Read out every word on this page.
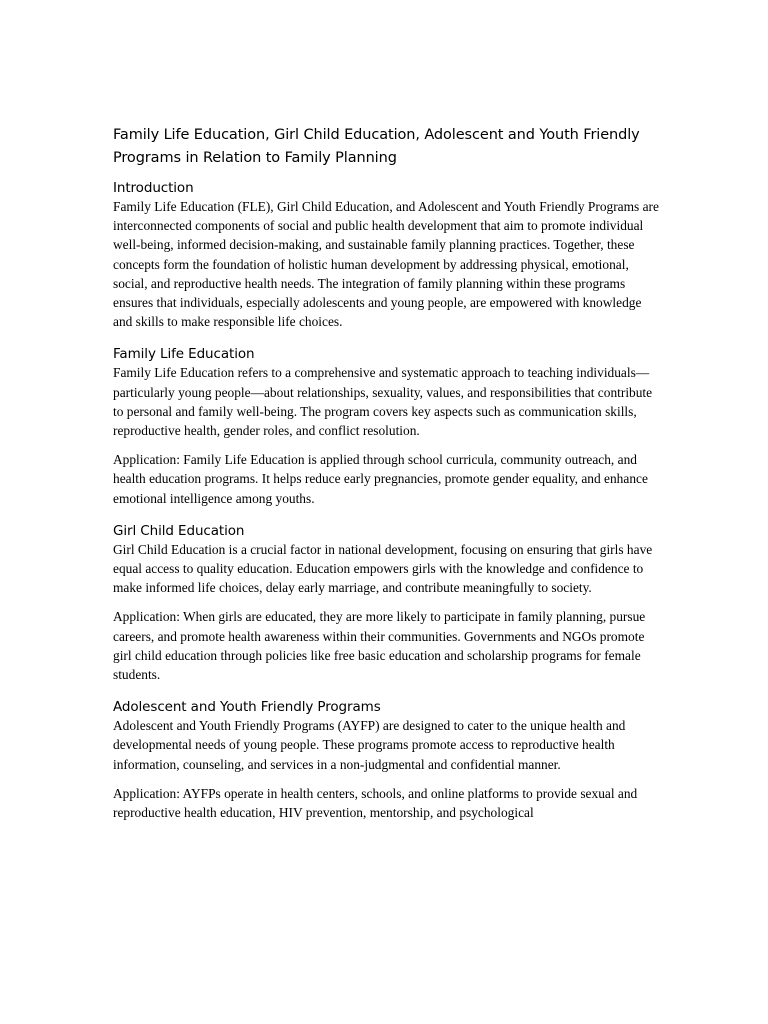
Family Life Education, Girl Child Education, Adolescent and Youth Friendly Programs in Relation to Family Planning
Introduction

Family Life Education (FLE), Girl Child Education, and Adolescent and Youth Friendly Programs are interconnected components of social and public health development that aim to promote individual well-being, informed decision-making, and sustainable family planning practices. Together, these concepts form the foundation of holistic human development by addressing physical, emotional, social, and reproductive health needs. The integration of family planning within these programs ensures that individuals, especially adolescents and young people, are empowered with knowledge and skills to make responsible life choices.

Family Life Education

Family Life Education refers to a comprehensive and systematic approach to teaching individuals—particularly young people—about relationships, sexuality, values, and responsibilities that contribute to personal and family well-being. The program covers key aspects such as communication skills, reproductive health, gender roles, and conflict resolution.

Application: Family Life Education is applied through school curricula, community outreach, and health education programs. It helps reduce early pregnancies, promote gender equality, and enhance emotional intelligence among youths.

Girl Child Education

Girl Child Education is a crucial factor in national development, focusing on ensuring that girls have equal access to quality education. Education empowers girls with the knowledge and confidence to make informed life choices, delay early marriage, and contribute meaningfully to society.

Application: When girls are educated, they are more likely to participate in family planning, pursue careers, and promote health awareness within their communities. Governments and NGOs promote girl child education through policies like free basic education and scholarship programs for female students.

Adolescent and Youth Friendly Programs

Adolescent and Youth Friendly Programs (AYFP) are designed to cater to the unique health and developmental needs of young people. These programs promote access to reproductive health information, counseling, and services in a non-judgmental and confidential manner.

Application: AYFPs operate in health centers, schools, and online platforms to provide sexual and reproductive health education, HIV prevention, mentorship, and psychological
